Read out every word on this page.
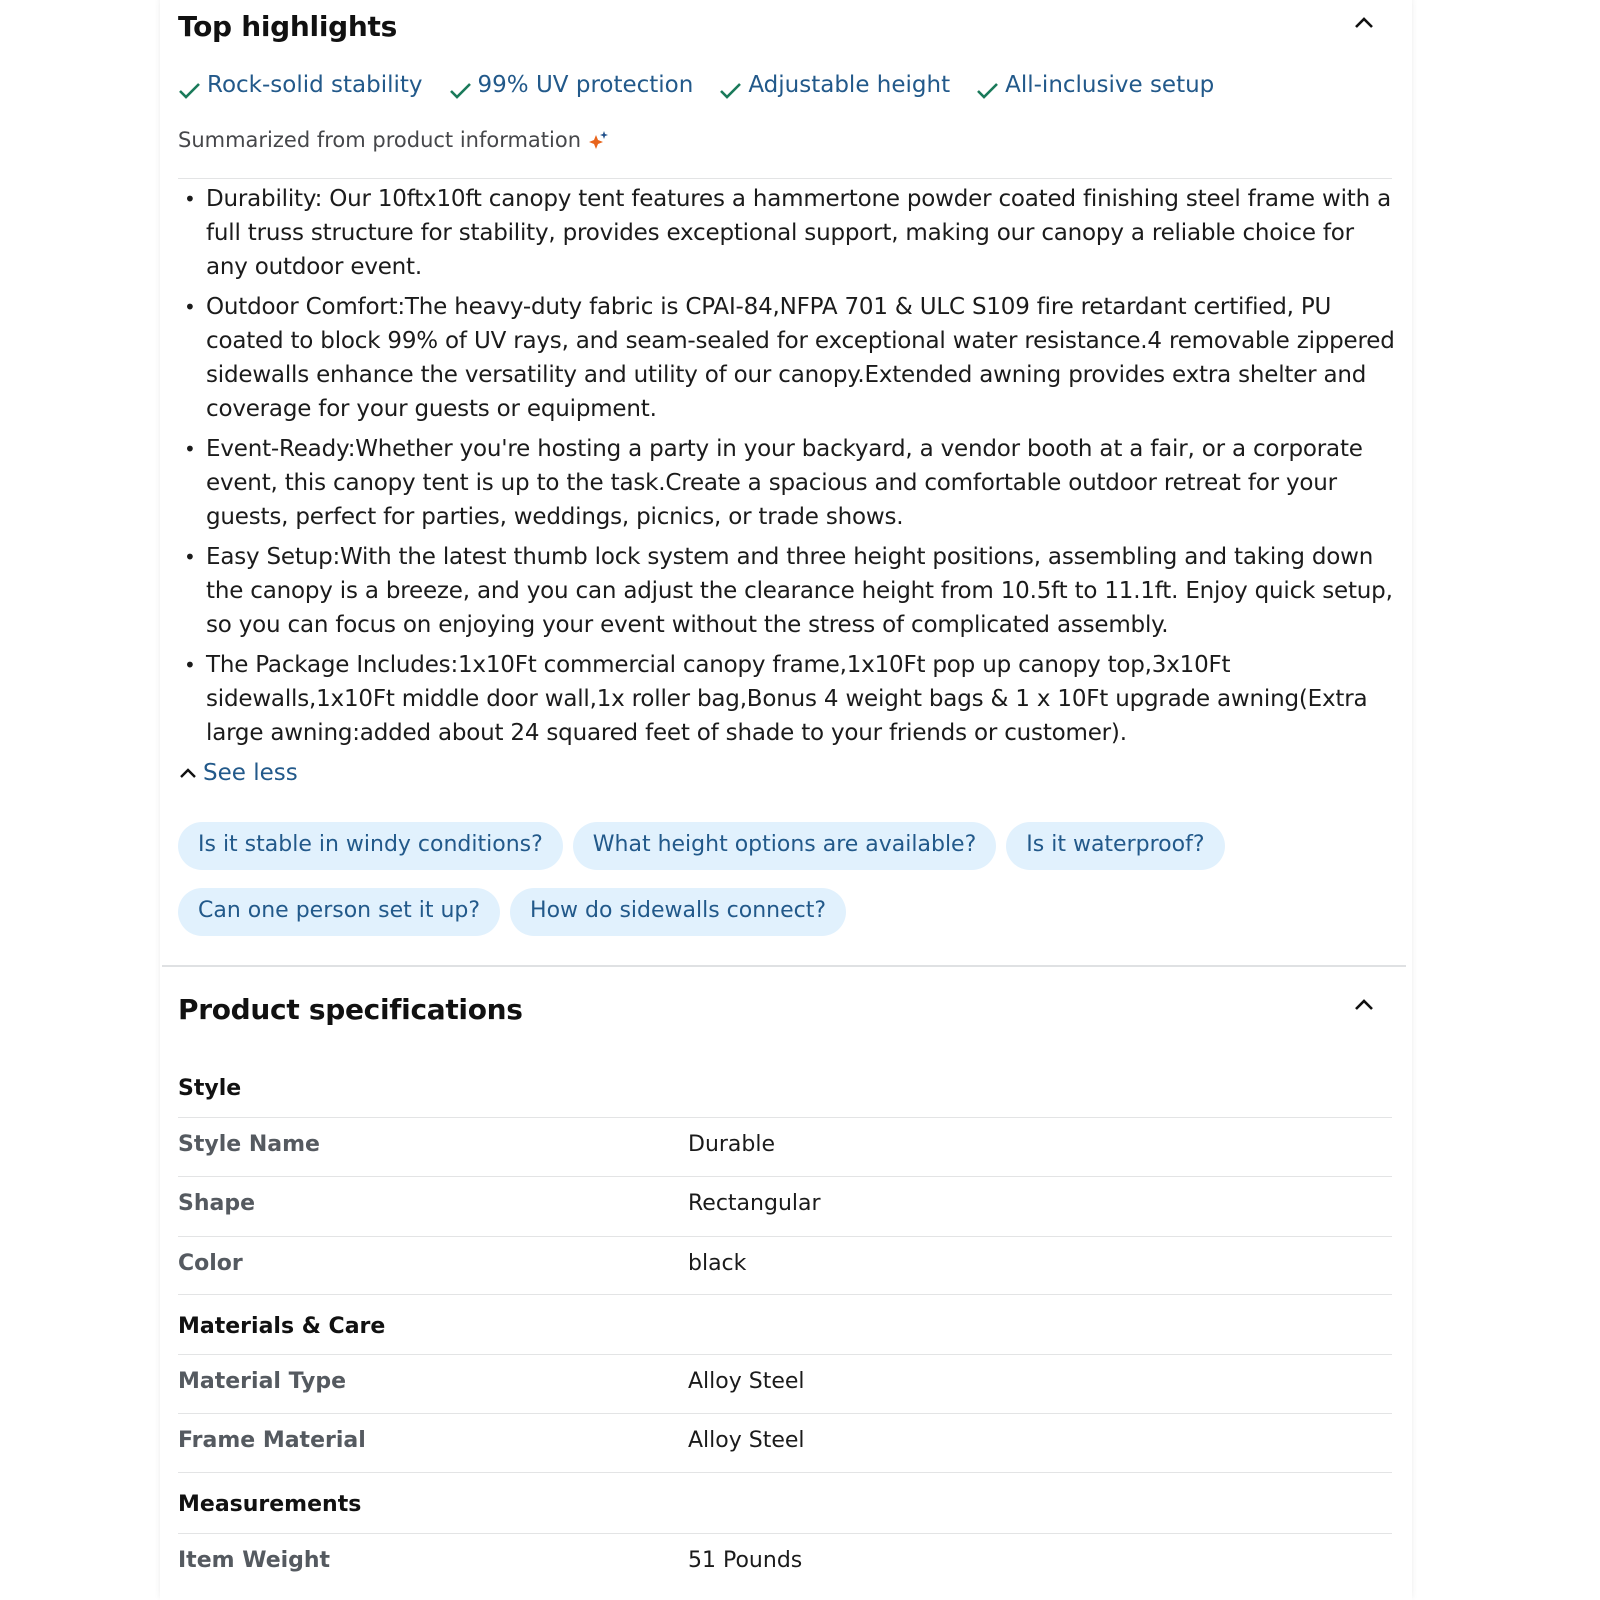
Top highlights
Rock-solid stability 99% UV protection Adjustable height All-inclusive setup
Summarized from product information
• Durability: Our 10ftx10ft canopy tent features a hammertone powder coated finishing steel frame with a full truss structure for stability, provides exceptional support, making our canopy a reliable choice for any outdoor event.
• Outdoor Comfort:The heavy-duty fabric is CPAI-84,NFPA 701 & ULC S109 fire retardant certified, PU coated to block 99% of UV rays, and seam-sealed for exceptional water resistance.4 removable zippered sidewalls enhance the versatility and utility of our canopy.Extended awning provides extra shelter and coverage for your guests or equipment.
• Event-Ready:Whether you're hosting a party in your backyard, a vendor booth at a fair, or a corporate event, this canopy tent is up to the task.Create a spacious and comfortable outdoor retreat for your guests, perfect for parties, weddings, picnics, or trade shows.
• Easy Setup:With the latest thumb lock system and three height positions, assembling and taking down the canopy is a breeze, and you can adjust the clearance height from 10.5ft to 11.1ft. Enjoy quick setup, so you can focus on enjoying your event without the stress of complicated assembly.
• The Package Includes:1x10Ft commercial canopy frame,1x10Ft pop up canopy top,3x10Ft sidewalls,1x10Ft middle door wall,1x roller bag,Bonus 4 weight bags & 1 x 10Ft upgrade awning(Extra large awning:added about 24 squared feet of shade to your friends or customer).
See less
Is it stable in windy conditions?	What height options are available?	Is it waterproof?
Can one person set it up?	How do sidewalls connect?
Product specifications
Style
Style Name	Durable
Shape	Rectangular
Color	black
Materials & Care
Material Type	Alloy Steel
Frame Material	Alloy Steel
Measurements
Item Weight	51 Pounds
